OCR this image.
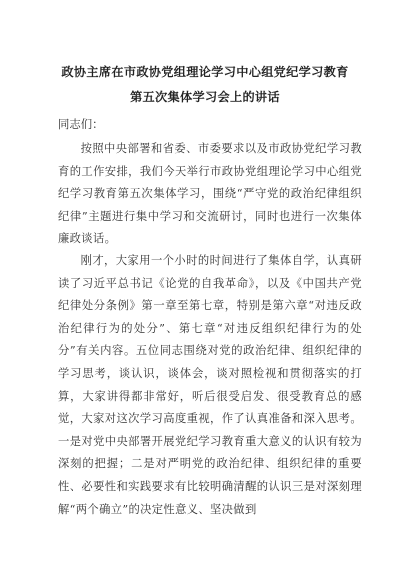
政协主席在市政协党组理论学习中心组党纪学习教育第五次集体学习会上的讲话
同志们：

按照中央部署和省委、市委要求以及市政协党纪学习教育的工作安排，我们今天举行市政协党组理论学习中心组党纪学习教育第五次集体学习，围绕“严守党的政治纪律组织纪律”主题进行集中学习和交流研讨，同时也进行一次集体廉政谈话。

刚才，大家用一个小时的时间进行了集体自学，认真研读了习近平总书记《论党的自我革命》，以及《中国共产党纪律处分条例》第一章至第七章，特别是第六章“对违反政治纪律行为的处分”、第七章“对违反组织纪律行为的处分”有关内容。五位同志围绕对党的政治纪律、组织纪律的学习思考，谈认识，谈体会，谈对照检视和贯彻落实的打算，大家讲得都非常好，听后很受启发、很受教育总的感觉，大家对这次学习高度重视，作了认真准备和深入思考。一是对党中央部署开展党纪学习教育重大意义的认识有较为深刻的把握；二是对严明党的政治纪律、组织纪律的重要性、必要性和实践要求有比较明确清醒的认识三是对深刻理解“两个确立”的决定性意义、坚决做到
